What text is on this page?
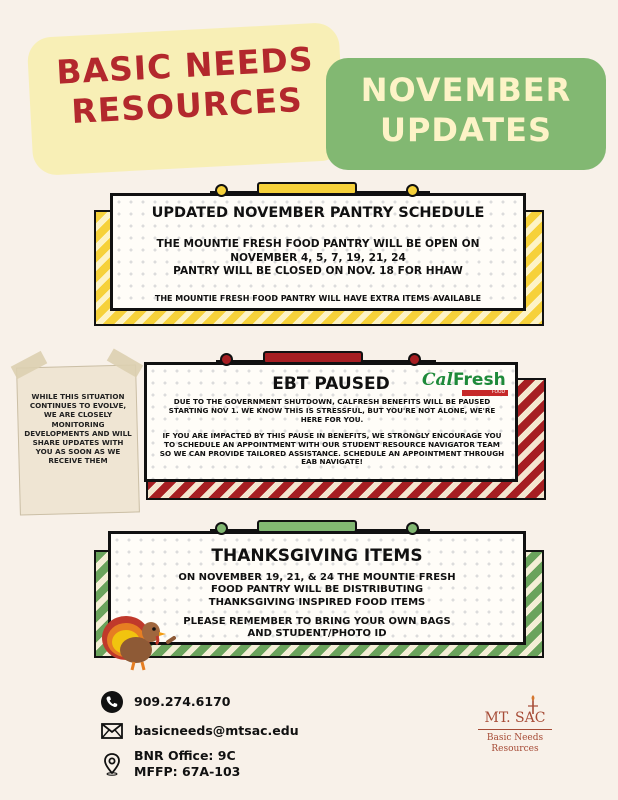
BASIC NEEDS
RESOURCES	NOVEMBER
UPDATES
UPDATED NOVEMBER PANTRY SCHEDULE
THE MOUNTIE FRESH FOOD PANTRY WILL BE OPEN ON
NOVEMBER 4, 5, 7, 19, 21, 24
PANTRY WILL BE CLOSED ON NOV. 18 FOR HHAW
THE MOUNTIE FRESH FOOD PANTRY WILL HAVE EXTRA ITEMS AVAILABLE
WHILE THIS SITUATION CONTINUES TO EVOLVE, WE ARE CLOSELY MONITORING DEVELOPMENTS AND WILL SHARE UPDATES WITH YOU AS SOON AS WE RECEIVE THEM
EBT PAUSED	CalFresh
FOOD
DUE TO THE GOVERNMENT SHUTDOWN, CALFRESH BENEFITS WILL BE PAUSED STARTING NOV 1. WE KNOW THIS IS STRESSFUL, BUT YOU'RE NOT ALONE, WE'RE HERE FOR YOU.
IF YOU ARE IMPACTED BY THIS PAUSE IN BENEFITS, WE STRONGLY ENCOURAGE YOU TO SCHEDULE AN APPOINTMENT WITH OUR STUDENT RESOURCE NAVIGATOR TEAM SO WE CAN PROVIDE TAILORED ASSISTANCE. SCHEDULE AN APPOINTMENT THROUGH EAB NAVIGATE!
THANKSGIVING ITEMS
ON NOVEMBER 19, 21, & 24 THE MOUNTIE FRESH
FOOD PANTRY WILL BE DISTRIBUTING
THANKSGIVING INSPIRED FOOD ITEMS
PLEASE REMEMBER TO BRING YOUR OWN BAGS
AND STUDENT/PHOTO ID
909.274.6170
basicneeds@mtsac.edu
BNR Office: 9C
MFFP: 67A-103
MT. SAC
Basic Needs
Resources
